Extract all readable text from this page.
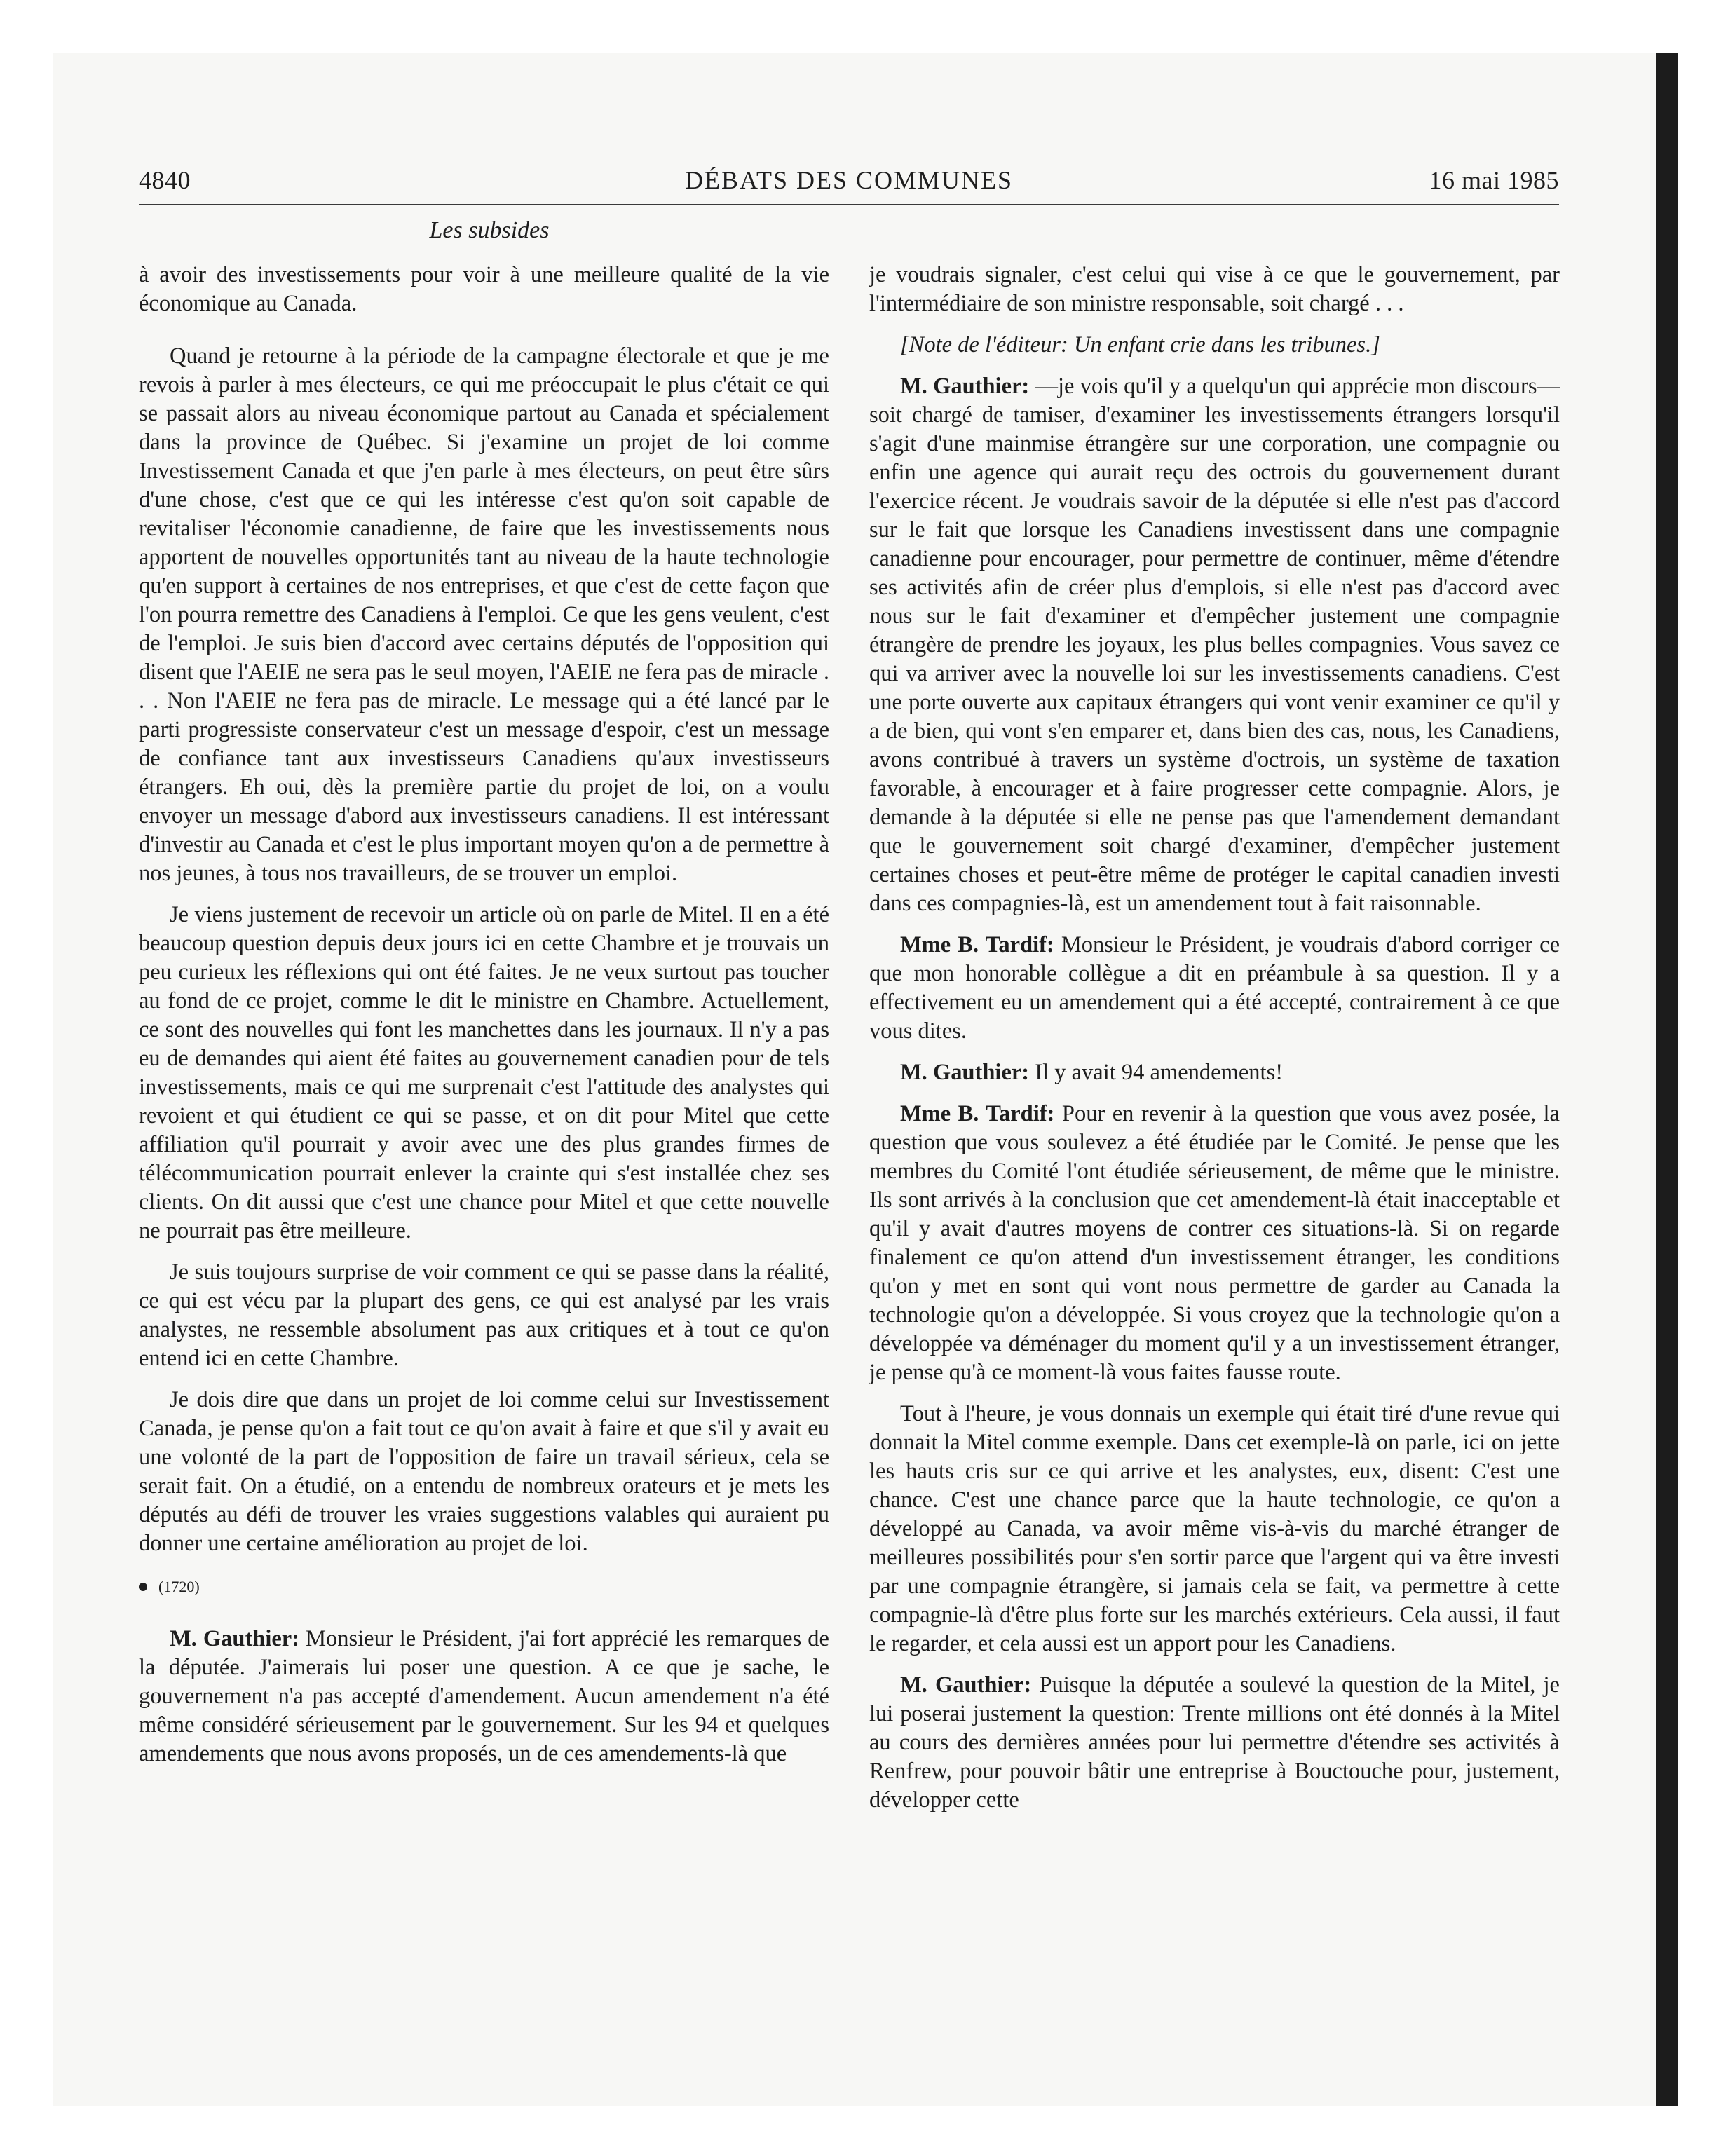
4840	DÉBATS DES COMMUNES	16 mai 1985
Les subsides

à avoir des investissements pour voir à une meilleure qualité de la vie économique au Canada.

Quand je retourne à la période de la campagne électorale et que je me revois à parler à mes électeurs, ce qui me préoccupait le plus c'était ce qui se passait alors au niveau économique partout au Canada et spécialement dans la province de Québec. Si j'examine un projet de loi comme Investissement Canada et que j'en parle à mes électeurs, on peut être sûrs d'une chose, c'est que ce qui les intéresse c'est qu'on soit capable de revitaliser l'économie canadienne, de faire que les investissements nous apportent de nouvelles opportunités tant au niveau de la haute technologie qu'en support à certaines de nos entreprises, et que c'est de cette façon que l'on pourra remettre des Canadiens à l'emploi. Ce que les gens veulent, c'est de l'emploi. Je suis bien d'accord avec certains députés de l'opposition qui disent que l'AEIE ne sera pas le seul moyen, l'AEIE ne fera pas de miracle . . . Non l'AEIE ne fera pas de miracle. Le message qui a été lancé par le parti progressiste conservateur c'est un message d'espoir, c'est un message de confiance tant aux investisseurs Canadiens qu'aux investisseurs étrangers. Eh oui, dès la première partie du projet de loi, on a voulu envoyer un message d'abord aux investisseurs canadiens. Il est intéressant d'investir au Canada et c'est le plus important moyen qu'on a de permettre à nos jeunes, à tous nos travailleurs, de se trouver un emploi.

Je viens justement de recevoir un article où on parle de Mitel. Il en a été beaucoup question depuis deux jours ici en cette Chambre et je trouvais un peu curieux les réflexions qui ont été faites. Je ne veux surtout pas toucher au fond de ce projet, comme le dit le ministre en Chambre. Actuellement, ce sont des nouvelles qui font les manchettes dans les journaux. Il n'y a pas eu de demandes qui aient été faites au gouvernement canadien pour de tels investissements, mais ce qui me surprenait c'est l'attitude des analystes qui revoient et qui étudient ce qui se passe, et on dit pour Mitel que cette affiliation qu'il pourrait y avoir avec une des plus grandes firmes de télécommunication pourrait enlever la crainte qui s'est installée chez ses clients. On dit aussi que c'est une chance pour Mitel et que cette nouvelle ne pourrait pas être meilleure.

Je suis toujours surprise de voir comment ce qui se passe dans la réalité, ce qui est vécu par la plupart des gens, ce qui est analysé par les vrais analystes, ne ressemble absolument pas aux critiques et à tout ce qu'on entend ici en cette Chambre.

Je dois dire que dans un projet de loi comme celui sur Investissement Canada, je pense qu'on a fait tout ce qu'on avait à faire et que s'il y avait eu une volonté de la part de l'opposition de faire un travail sérieux, cela se serait fait. On a étudié, on a entendu de nombreux orateurs et je mets les députés au défi de trouver les vraies suggestions valables qui auraient pu donner une certaine amélioration au projet de loi.

(1720)

M. Gauthier: Monsieur le Président, j'ai fort apprécié les remarques de la députée. J'aimerais lui poser une question. A ce que je sache, le gouvernement n'a pas accepté d'amendement. Aucun amendement n'a été même considéré sérieusement par le gouvernement. Sur les 94 et quelques amendements que nous avons proposés, un de ces amendements-là que

je voudrais signaler, c'est celui qui vise à ce que le gouvernement, par l'intermédiaire de son ministre responsable, soit chargé . . .

[Note de l'éditeur: Un enfant crie dans les tribunes.]

M. Gauthier: —je vois qu'il y a quelqu'un qui apprécie mon discours—soit chargé de tamiser, d'examiner les investissements étrangers lorsqu'il s'agit d'une mainmise étrangère sur une corporation, une compagnie ou enfin une agence qui aurait reçu des octrois du gouvernement durant l'exercice récent. Je voudrais savoir de la députée si elle n'est pas d'accord sur le fait que lorsque les Canadiens investissent dans une compagnie canadienne pour encourager, pour permettre de continuer, même d'étendre ses activités afin de créer plus d'emplois, si elle n'est pas d'accord avec nous sur le fait d'examiner et d'empêcher justement une compagnie étrangère de prendre les joyaux, les plus belles compagnies. Vous savez ce qui va arriver avec la nouvelle loi sur les investissements canadiens. C'est une porte ouverte aux capitaux étrangers qui vont venir examiner ce qu'il y a de bien, qui vont s'en emparer et, dans bien des cas, nous, les Canadiens, avons contribué à travers un système d'octrois, un système de taxation favorable, à encourager et à faire progresser cette compagnie. Alors, je demande à la députée si elle ne pense pas que l'amendement demandant que le gouvernement soit chargé d'examiner, d'empêcher justement certaines choses et peut-être même de protéger le capital canadien investi dans ces compagnies-là, est un amendement tout à fait raisonnable.

Mme B. Tardif: Monsieur le Président, je voudrais d'abord corriger ce que mon honorable collègue a dit en préambule à sa question. Il y a effectivement eu un amendement qui a été accepté, contrairement à ce que vous dites.

M. Gauthier: Il y avait 94 amendements!

Mme B. Tardif: Pour en revenir à la question que vous avez posée, la question que vous soulevez a été étudiée par le Comité. Je pense que les membres du Comité l'ont étudiée sérieusement, de même que le ministre. Ils sont arrivés à la conclusion que cet amendement-là était inacceptable et qu'il y avait d'autres moyens de contrer ces situations-là. Si on regarde finalement ce qu'on attend d'un investissement étranger, les conditions qu'on y met en sont qui vont nous permettre de garder au Canada la technologie qu'on a développée. Si vous croyez que la technologie qu'on a développée va déménager du moment qu'il y a un investissement étranger, je pense qu'à ce moment-là vous faites fausse route.

Tout à l'heure, je vous donnais un exemple qui était tiré d'une revue qui donnait la Mitel comme exemple. Dans cet exemple-là on parle, ici on jette les hauts cris sur ce qui arrive et les analystes, eux, disent: C'est une chance. C'est une chance parce que la haute technologie, ce qu'on a développé au Canada, va avoir même vis-à-vis du marché étranger de meilleures possibilités pour s'en sortir parce que l'argent qui va être investi par une compagnie étrangère, si jamais cela se fait, va permettre à cette compagnie-là d'être plus forte sur les marchés extérieurs. Cela aussi, il faut le regarder, et cela aussi est un apport pour les Canadiens.

M. Gauthier: Puisque la députée a soulevé la question de la Mitel, je lui poserai justement la question: Trente millions ont été donnés à la Mitel au cours des dernières années pour lui permettre d'étendre ses activités à Renfrew, pour pouvoir bâtir une entreprise à Bouctouche pour, justement, développer cette
